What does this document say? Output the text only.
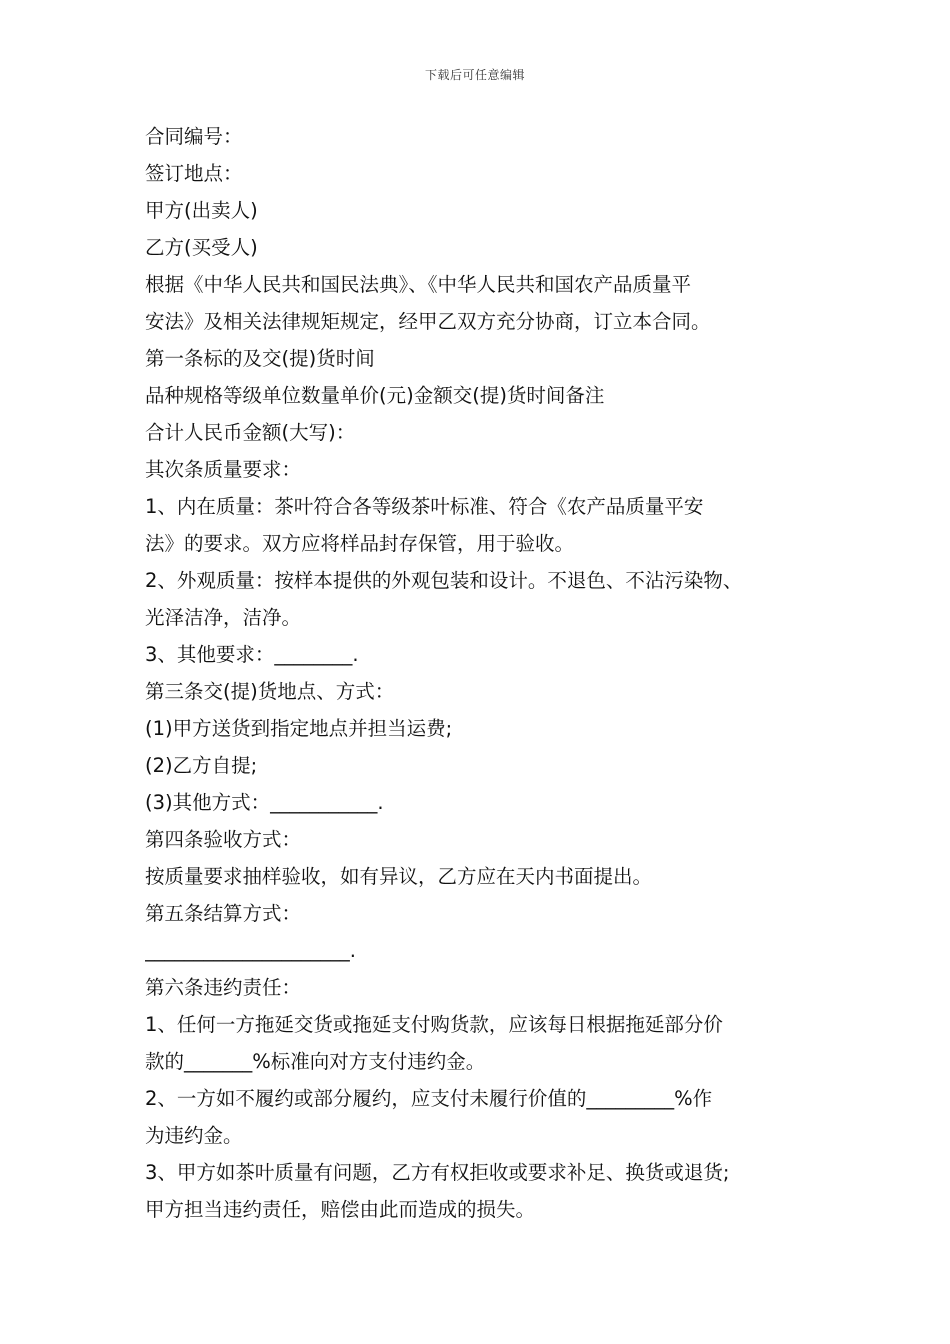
下载后可任意编辑
合同编号：
签订地点：
甲方(出卖人)
乙方(买受人)
根据《中华人民共和国民法典》、《中华人民共和国农产品质量平
安法》及相关法律规矩规定，经甲乙双方充分协商，订立本合同。
第一条标的及交(提)货时间
品种规格等级单位数量单价(元)金额交(提)货时间备注
合计人民币金额(大写)：
其次条质量要求：
1、内在质量：茶叶符合各等级茶叶标准、符合《农产品质量平安
法》的要求。双方应将样品封存保管，用于验收。
2、外观质量：按样本提供的外观包装和设计。不退色、不沾污染物、
光泽洁净，洁净。
3、其他要求：________.
第三条交(提)货地点、方式：
(1)甲方送货到指定地点并担当运费;
(2)乙方自提;
(3)其他方式：___________.
第四条验收方式：
按质量要求抽样验收，如有异议，乙方应在天内书面提出。
第五条结算方式：
_____________________.
第六条违约责任：
1、任何一方拖延交货或拖延支付购货款，应该每日根据拖延部分价
款的_______%标准向对方支付违约金。
2、一方如不履约或部分履约，应支付未履行价值的_________%作
为违约金。
3、甲方如茶叶质量有问题，乙方有权拒收或要求补足、换货或退货;
甲方担当违约责任，赔偿由此而造成的损失。
